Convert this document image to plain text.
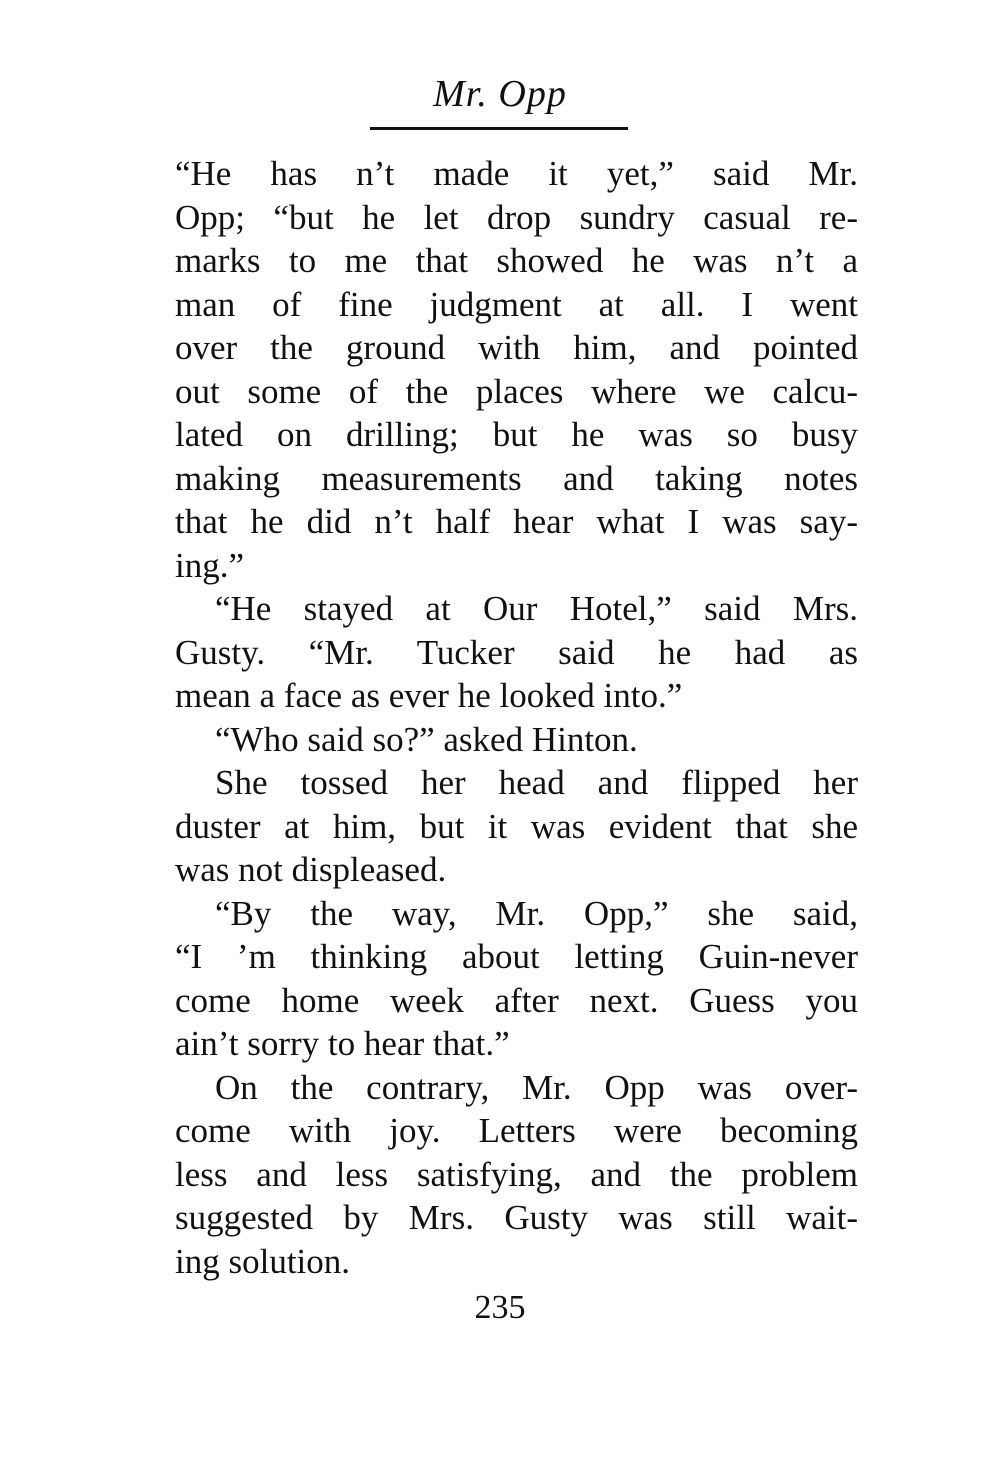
Mr. Opp
“He has n’t made it yet,” said Mr.
Opp; “but he let drop sundry casual re-
marks to me that showed he was n’t a
man of fine judgment at all. I went
over the ground with him, and pointed
out some of the places where we calcu-
lated on drilling; but he was so busy
making measurements and taking notes
that he did n’t half hear what I was say-
ing.”
“He stayed at Our Hotel,” said Mrs.
Gusty. “Mr. Tucker said he had as
mean a face as ever he looked into.”
“Who said so?” asked Hinton.
She tossed her head and flipped her
duster at him, but it was evident that she
was not displeased.
“By the way, Mr. Opp,” she said,
“I ’m thinking about letting Guin-never
come home week after next. Guess you
ain’t sorry to hear that.”
On the contrary, Mr. Opp was over-
come with joy. Letters were becoming
less and less satisfying, and the problem
suggested by Mrs. Gusty was still wait-
ing solution.
235
